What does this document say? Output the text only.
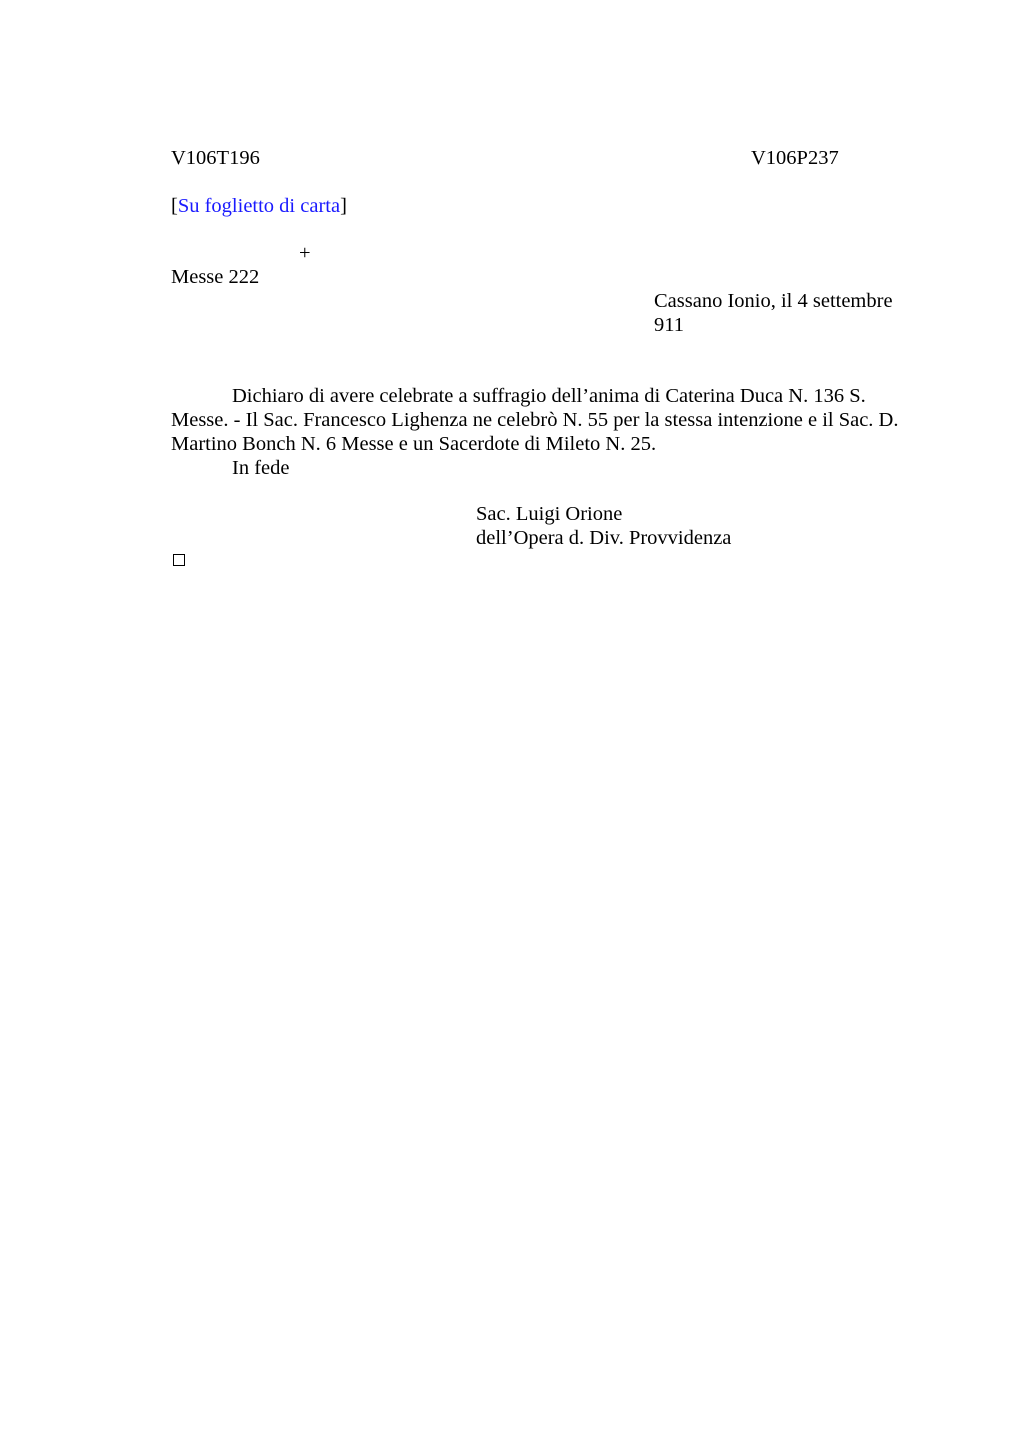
V106T196	V106P237
[Su foglietto di carta]
+
Messe 222
Cassano Ionio, il 4 settembre 911

Dichiaro di avere celebrate a suffragio dell’anima di Caterina Duca N. 136 S. Messe. - Il Sac. Francesco Lighenza ne celebrò N. 55 per la stessa intenzione e il Sac. D. Martino Bonch N. 6 Messe e un Sacerdote di Mileto N. 25.

In fede

Sac. Luigi Orione
dell’Opera d. Div. Provvidenza
